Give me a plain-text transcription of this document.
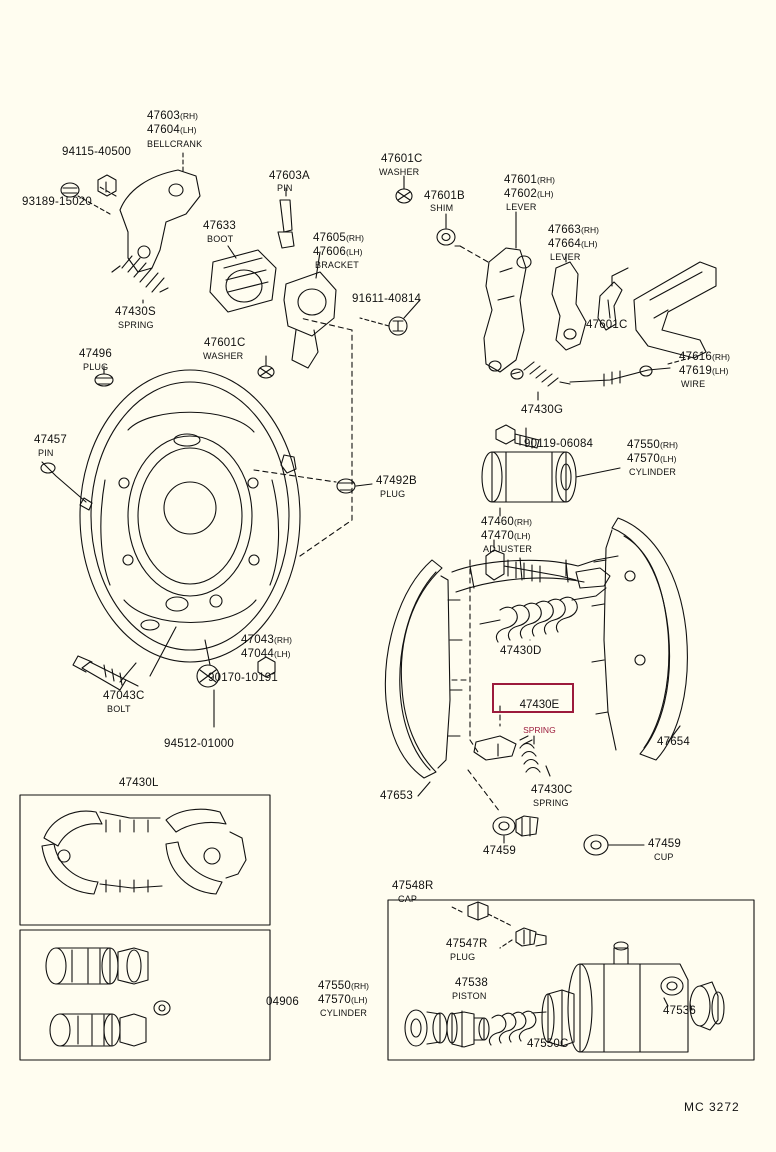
94115-40500
93189-15020
47603(RH)
47604(LH)
BELLCRANK
47603A
PIN
47601C
WASHER
47601B
SHIM
47601(RH)
47602(LH)
LEVER
47663(RH)
47664(LH)
LEVER
47633
BOOT	47605(RH)
47606(LH)
BRACKET
91611-40814
47430S
SPRING	47601C
47616(RH)
47619(LH)
WIRE
47496
PLUG
47601C
WASHER
47430G
90119-06084	47550(RH)
47570(LH)
CYLINDER
47457
PIN
47492B
PLUG
47460(RH)
47470(LH)
ADJUSTER
47043(RH)
47044(LH)
90170-10191
47043C
BOLT
94512-01000
47430D
47654
47653	47430C
SPRING
47459
47459
CUP
47430L
04906
47550(RH)
47570(LH)
CYLINDER
47548R
CAP
47547R
PLUG
47538
PISTON
47550C
47536

47430E

SPRING

MC 3272
